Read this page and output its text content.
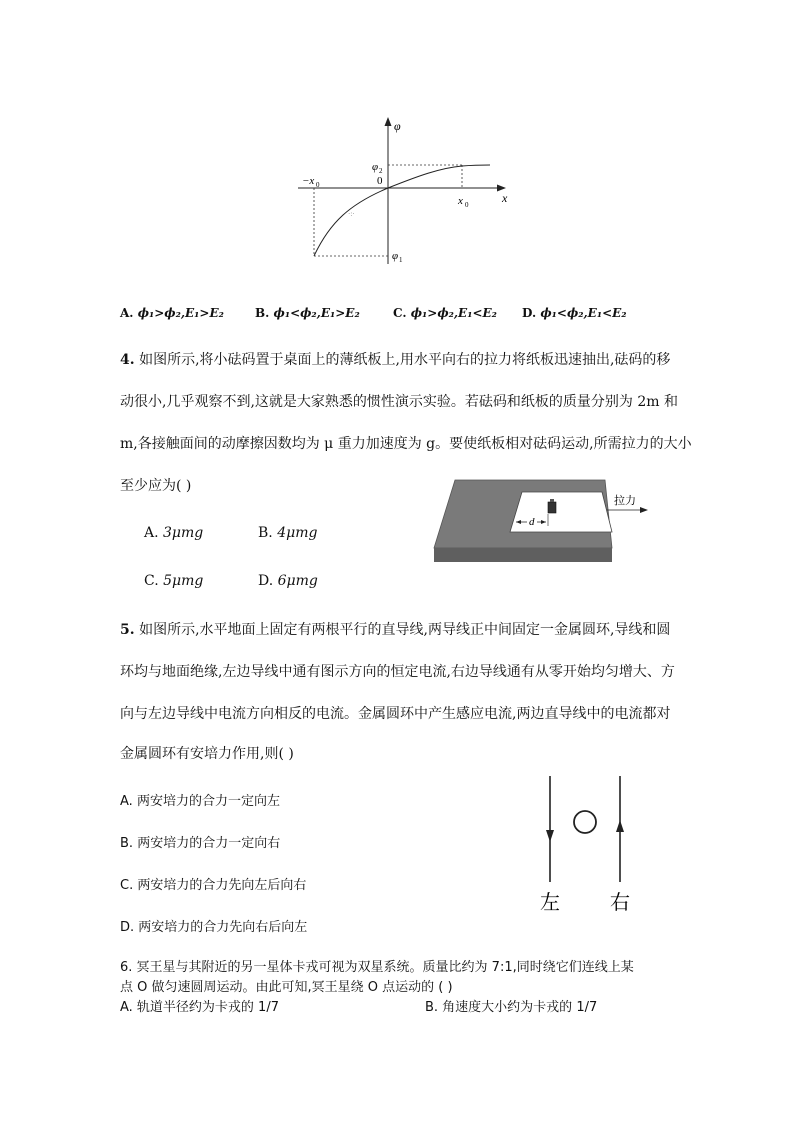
·:·
φ
x
φ 2
φ 1
−x 0	0
x 0
A. ϕ₁>ϕ₂,E₁>E₂	B. ϕ₁<ϕ₂,E₁>E₂	C. ϕ₁>ϕ₂,E₁<E₂ D. ϕ₁<ϕ₂,E₁<E₂
4. 如图所示,将小砝码置于桌面上的薄纸板上,用水平向右的拉力将纸板迅速抽出,砝码的移
动很小,几乎观察不到,这就是大家熟悉的惯性演示实验。若砝码和纸板的质量分别为 2m 和
m,各接触面间的动摩擦因数均为 μ 重力加速度为 g。要使纸板相对砝码运动,所需拉力的大小
至少应为( )
A. 3μmg	B. 4μmg
C. 5μmg	D. 6μmg
d
拉力
5. 如图所示,水平地面上固定有两根平行的直导线,两导线正中间固定一金属圆环,导线和圆
环均与地面绝缘,左边导线中通有图示方向的恒定电流,右边导线通有从零开始均匀增大、方
向与左边导线中电流方向相反的电流。金属圆环中产生感应电流,两边直导线中的电流都对
金属圆环有安培力作用,则( )
A. 两安培力的合力一定向左
B. 两安培力的合力一定向右
C. 两安培力的合力先向左后向右
D. 两安培力的合力先向右后向左
左	右
6. 冥王星与其附近的另一星体卡戎可视为双星系统。质量比约为 7:1,同时绕它们连线上某
点 O 做匀速圆周运动。由此可知,冥王星绕 O 点运动的 ( )
A. 轨道半径约为卡戎的 1/7	B. 角速度大小约为卡戎的 1/7
